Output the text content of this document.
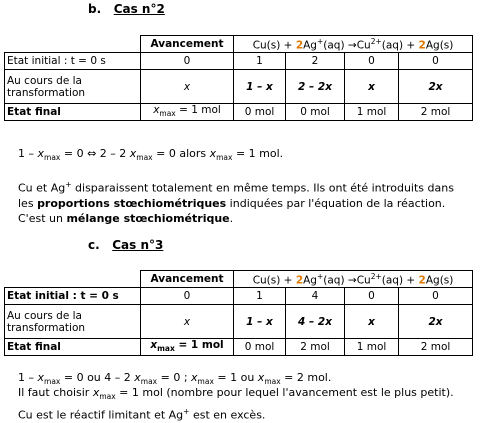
b. Cas n°2
	Avancement	$Cu(s) + 2Ag^+(aq) \to Cu^{2+}(aq) + 2Ag(s)$			
Etat initial : t = 0 s	0	1	2	0	0
Au cours de la transformation	x	1 – x	2 – 2x	x	2x
Etat final	$x_{max} = 1$ mol	0 mol	0 mol	1 mol	2 mol
$1 - x_{max} = 0$ ⇔ 2 – 2 $x_{max} = 0$ alors $x_{max} = 1$ mol.
Cu et Ag+ disparaissent totalement en même temps. Ils ont été introduits dans les proportions stœchiométriques indiquées par l'équation de la réaction. C'est un mélange stœchiométrique.
c. Cas n°3
	Avancement	$Cu(s) + 2Ag^+(aq) \to Cu^{2+}(aq) + 2Ag(s)$			
Etat initial : t = 0 s	0	1	4	0	0
Au cours de la transformation	x	1 – x	4 – 2x	x	2x
Etat final	$x_{max} = 1$ mol	0 mol	2 mol	1 mol	2 mol
$1 - x_{max} = 0$ ou 4 – 2 $x_{max} = 0$ ; $x_{max} = 1$ ou $x_{max} = 2$ mol.
Il faut choisir $x_{max} = 1$ mol (nombre pour lequel l'avancement est le plus petit). Cu est le réactif limitant et Ag+ est en excès.
